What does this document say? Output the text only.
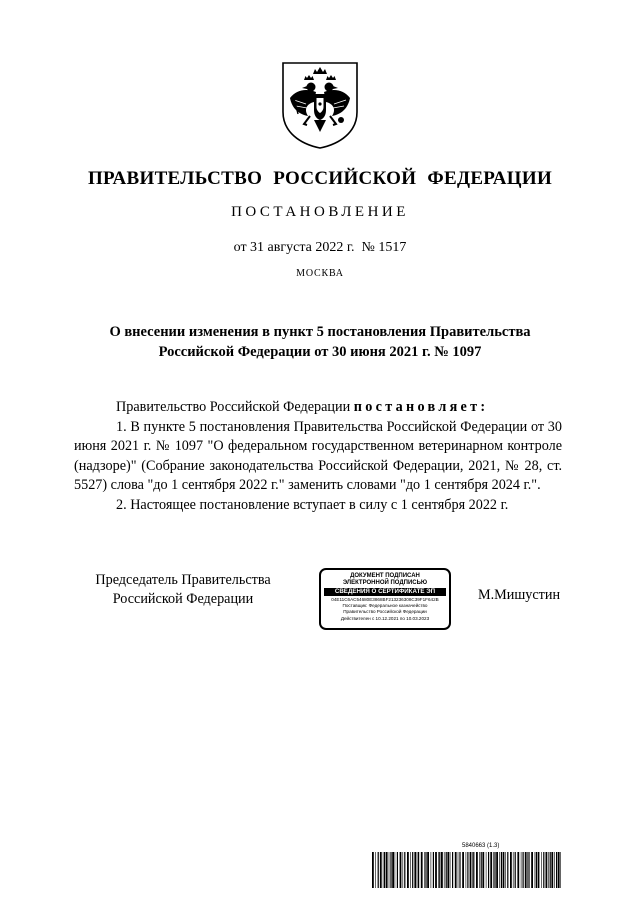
ПРАВИТЕЛЬСТВО РОССИЙСКОЙ ФЕДЕРАЦИИ
ПОСТАНОВЛЕНИЕ
от 31 августа 2022 г.  № 1517
МОСКВА
О внесении изменения в пункт 5 постановления Правительства
Российской Федерации от 30 июня 2021 г. № 1097

Правительство Российской Федерации постановляет:

1. В пункте 5 постановления Правительства Российской Федерации от 30 июня 2021 г. № 1097 "О федеральном государственном ветеринарном контроле (надзоре)" (Собрание законодательства Российской Федерации, 2021, № 28, ст. 5527) слова "до 1 сентября 2022 г." заменить словами "до 1 сентября 2024 г.".

2. Настоящее постановление вступает в силу с 1 сентября 2022 г.

Председатель Правительства
Российской Федерации
ДОКУМЕНТ ПОДПИСАН
ЭЛЕКТРОННОЙ ПОДПИСЬЮ
СВЕДЕНИЯ О СЕРТИФИКАТЕ ЭП
04E11C6AC54680E3868BF213236308C39F1F642B
Поставщик: Федеральное казначейство
Правительство Российской Федерации
Действителен с 10.12.2021 по 10.03.2023
М.Мишустин
5840663 (1.3)
